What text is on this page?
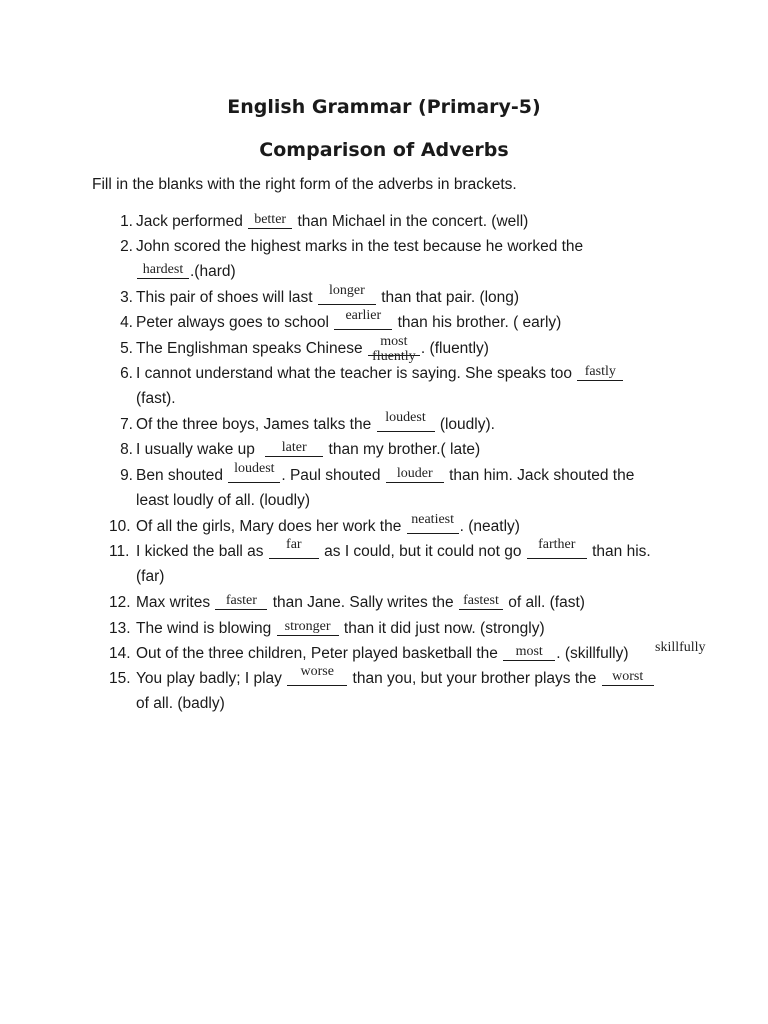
English Grammar (Primary-5)
Comparison of Adverbs
Fill in the blanks with the right form of the adverbs in brackets.
1. Jack performed better than Michael in the concert. (well)
2. John scored the highest marks in the test because he worked the
hardest .(hard)
3. This pair of shoes will last	longer	than that pair. (long)
4. Peter always goes to school	earlier	than his brother. ( early)
5. The Englishman speaks Chinese	most
fluently . (fluently)
6. I cannot understand what the teacher is saying. She speaks too fastly
(fast).
7. Of the three boys, James talks the	loudest (loudly).
8. I usually wake up	later	than my brother.( late)
9. Ben shouted loudest . Paul shouted	louder	than him. Jack shouted the
least loudly of all. (loudly)
10. Of all the girls, Mary does her work the neatiest . (neatly)
11. I kicked the ball as	far	as I could, but it could not go	farther	than his.
(far)
12. Max writes	faster	than Jane. Sally writes the fastest of all. (fast)
13. The wind is blowing stronger than it did just now. (strongly)
14. Out of the three children, Peter played basketball the	most . (skillfully) skillfully
15. You play badly; I play	worse	than you, but your brother plays the	worst
of all. (badly)
